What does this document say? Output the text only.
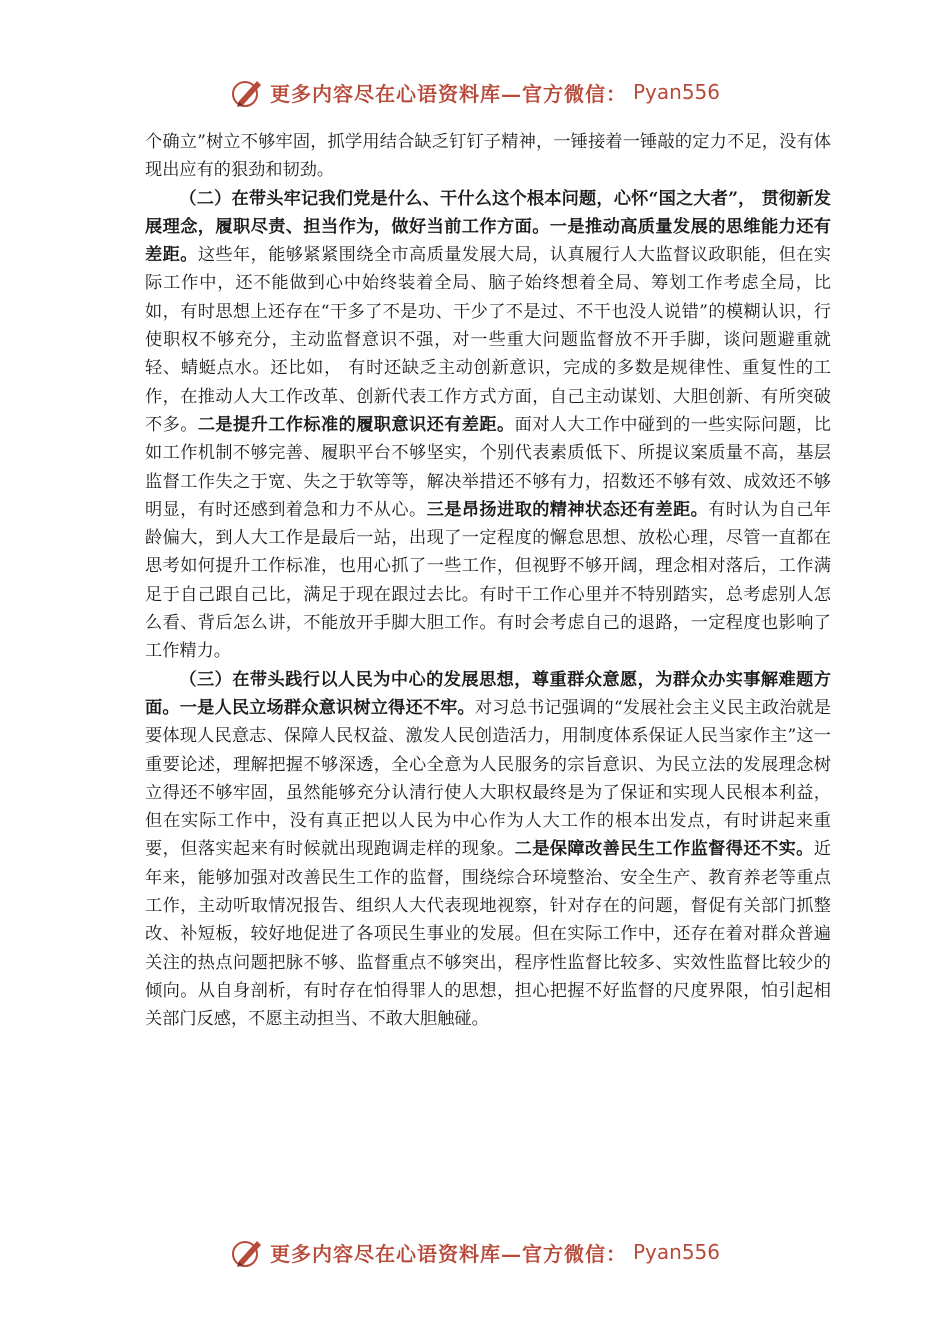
更多内容尽在心语资料库—官方微信： Pyan556

个确立”树立不够牢固，抓学用结合缺乏钉钉子精神，一锤接着一锤敲的定力不足，没有体现出应有的狠劲和韧劲。

（二）在带头牢记我们党是什么、干什么这个根本问题，心怀“国之大者”， 贯彻新发展理念，履职尽责、担当作为，做好当前工作方面。一是推动高质量发展的思维能力还有差距。这些年，能够紧紧围绕全市高质量发展大局，认真履行人大监督议政职能，但在实际工作中，还不能做到心中始终装着全局、脑子始终想着全局、筹划工作考虑全局，比如，有时思想上还存在“干多了不是功、干少了不是过、不干也没人说错”的模糊认识，行使职权不够充分，主动监督意识不强，对一些重大问题监督放不开手脚，谈问题避重就轻、蜻蜓点水。还比如， 有时还缺乏主动创新意识，完成的多数是规律性、重复性的工作，在推动人大工作改革、创新代表工作方式方面，自己主动谋划、大胆创新、有所突破不多。二是提升工作标准的履职意识还有差距。面对人大工作中碰到的一些实际问题，比如工作机制不够完善、履职平台不够坚实，个别代表素质低下、所提议案质量不高，基层监督工作失之于宽、失之于软等等，解决举措还不够有力，招数还不够有效、成效还不够明显，有时还感到着急和力不从心。三是昂扬进取的精神状态还有差距。有时认为自己年龄偏大，到人大工作是最后一站，出现了一定程度的懈怠思想、放松心理，尽管一直都在思考如何提升工作标准，也用心抓了一些工作，但视野不够开阔，理念相对落后，工作满足于自己跟自己比，满足于现在跟过去比。有时干工作心里并不特别踏实，总考虑别人怎么看、背后怎么讲，不能放开手脚大胆工作。有时会考虑自己的退路，一定程度也影响了工作精力。

（三）在带头践行以人民为中心的发展思想，尊重群众意愿，为群众办实事解难题方面。一是人民立场群众意识树立得还不牢。对习总书记强调的“发展社会主义民主政治就是要体现人民意志、保障人民权益、激发人民创造活力，用制度体系保证人民当家作主”这一重要论述，理解把握不够深透，全心全意为人民服务的宗旨意识、为民立法的发展理念树立得还不够牢固，虽然能够充分认清行使人大职权最终是为了保证和实现人民根本利益，但在实际工作中，没有真正把以人民为中心作为人大工作的根本出发点，有时讲起来重要，但落实起来有时候就出现跑调走样的现象。二是保障改善民生工作监督得还不实。近年来，能够加强对改善民生工作的监督，围绕综合环境整治、安全生产、教育养老等重点工作，主动听取情况报告、组织人大代表现地视察，针对存在的问题，督促有关部门抓整改、补短板，较好地促进了各项民生事业的发展。但在实际工作中，还存在着对群众普遍关注的热点问题把脉不够、监督重点不够突出，程序性监督比较多、实效性监督比较少的倾向。从自身剖析，有时存在怕得罪人的思想，担心把握不好监督的尺度界限，怕引起相关部门反感，不愿主动担当、不敢大胆触碰。

更多内容尽在心语资料库—官方微信： Pyan556
